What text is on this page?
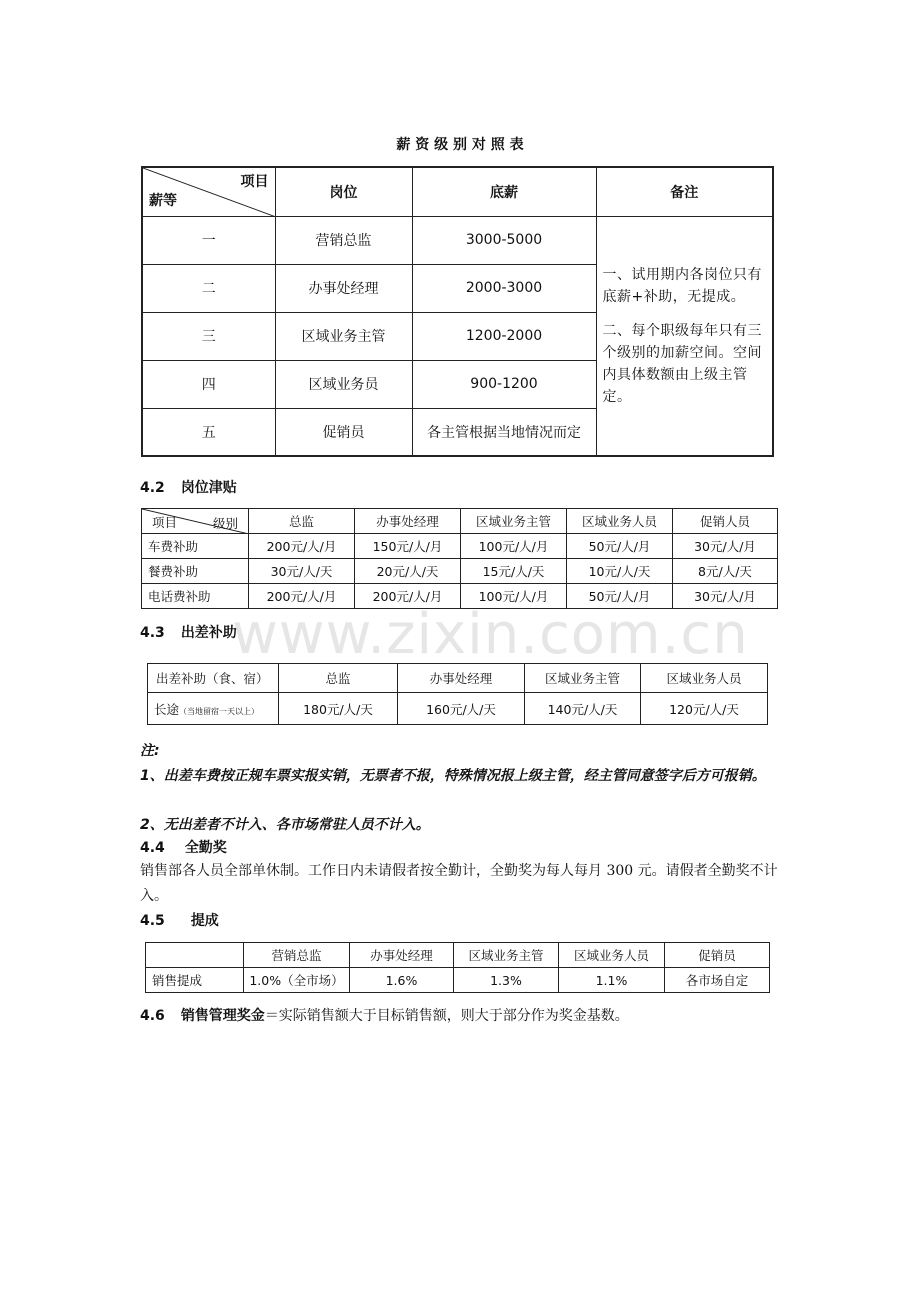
薪 资 级 别 对 照 表
项目
薪等	岗位	底薪	备注
一	营销总监	3000-5000	一、试用期内各岗位只有底薪+补助，无提成。
二、每个职级每年只有三个级别的加薪空间。空间内具体数额由上级主管定。

二	办事处经理	2000-3000	
三	区域业务主管	1200-2000	
四	区域业务员	900-1200	
五	促销员	各主管根据当地情况而定	
4.2 岗位津贴
项目 级别	总监	办事处经理	区域业务主管	区域业务人员	促销人员
车费补助	200元/人/月	150元/人/月	100元/人/月	50元/人/月	30元/人/月
餐费补助	30元/人/天	20元/人/天	15元/人/天	10元/人/天	8元/人/天
电话费补助	200元/人/月	200元/人/月	100元/人/月	50元/人/月	30元/人/月
4.3 出差补助
www.zixin.com.cn
出差补助（食、宿）	总监	办事处经理	区域业务主管	区域业务人员
长途（当地留宿一天以上）	180元/人/天	160元/人/天	140元/人/天	120元/人/天
注:
1、出差车费按正规车票实报实销，无票者不报，特殊情况报上级主管，经主管同意签字后方可报销。
2、无出差者不计入、各市场常驻人员不计入。
4.4 全勤奖
销售部各人员全部单休制。工作日内未请假者按全勤计，全勤奖为每人每月 300 元。请假者全勤奖不计入。
4.5 提成
	营销总监	办事处经理	区域业务主管	区域业务人员	促销员
销售提成	1.0%（全市场）	1.6%	1.3%	1.1%	各市场自定
4.6 销售管理奖金＝实际销售额大于目标销售额，则大于部分作为奖金基数。
